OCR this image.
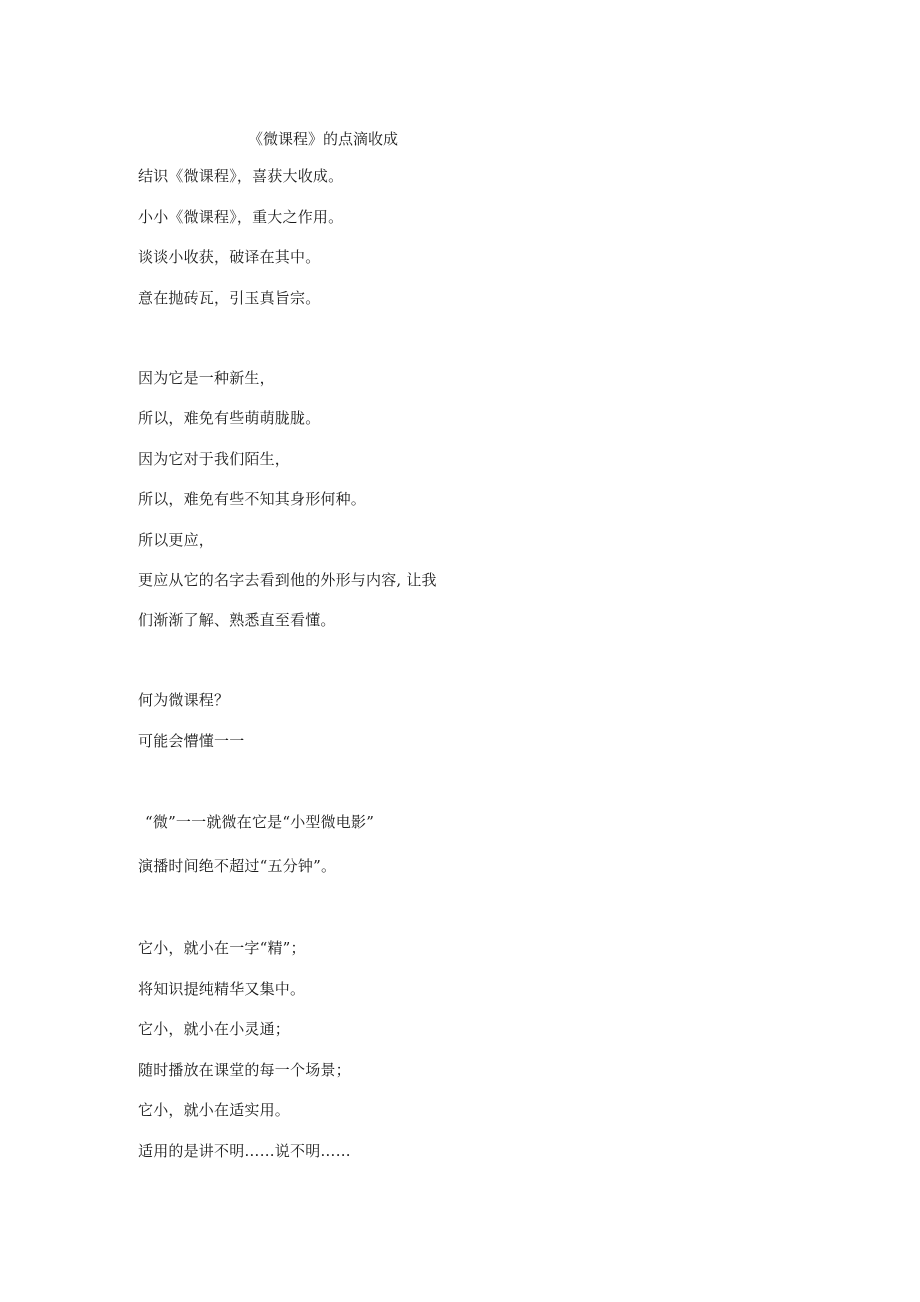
《微课程》的点滴收成
结识《微课程》，喜获大收成。
小小《微课程》，重大之作用。
谈谈小收获，破译在其中。
意在抛砖瓦，引玉真旨宗。
因为它是一种新生，
所以，难免有些萌萌胧胧。
因为它对于我们陌生，
所以，难免有些不知其身形何种。
所以更应，
更应从它的名字去看到他的外形与内容, 让我
们渐渐了解、熟悉直至看懂。
何为微课程？
可能会懵懂一一
“微”一一就微在它是“小型微电影”
演播时间绝不超过“五分钟”。
它小，就小在一字“精”；
将知识提纯精华又集中。
它小，就小在小灵通；
随时播放在课堂的每一个场景；
它小，就小在适实用。
适用的是讲不明……说不明……
